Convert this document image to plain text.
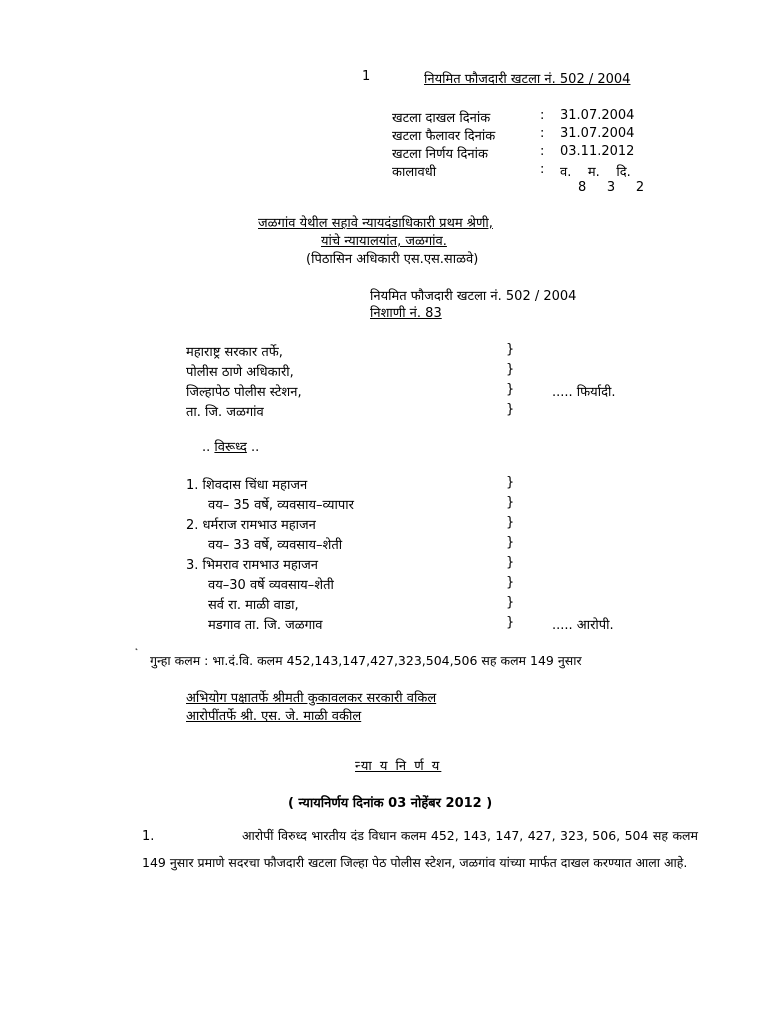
1	नियमित फौजदारी खटला नं. 502 / 2004
खटला दाखल दिनांक	: 31.07.2004
खटला फैलावर दिनांक	: 31.07.2004
खटला निर्णय दिनांक	: 03.11.2012
कालावधी	: व.    म.    दि.
8     3     2
जळगांव येथील सहावे न्यायदंडाधिकारी प्रथम श्रेणी,
यांचे न्यायालयांत, जळगांव.
(पिठासिन अधिकारी एस.एस.साळवे)
नियमित फौजदारी खटला नं. 502 / 2004
निशाणी नं. 83
महाराष्ट्र सरकार तर्फे,
पोलीस ठाणे अधिकारी,
जिल्हापेठ पोलीस स्टेशन,
ता. जि. जळगांव
}
}
}
}
..... फिर्यादी.
.. विरूध्द ..
1. शिवदास चिंधा महाजन
वय– 35 वर्षे, व्यवसाय–व्यापार
2. धर्मराज रामभाउ महाजन
वय– 33 वर्षे, व्यवसाय–शेती
3. भिमराव रामभाउ महाजन
वय–30 वर्षे व्यवसाय–शेती
सर्व रा. माळी वाडा,
मडगाव ता. जि. जळगाव
}
}
}
}
}
}
}
}	..... आरोपी.
˛
गुन्हा कलम : भा.दं.वि. कलम 452,143,147,427,323,504,506 सह कलम 149 नुसार
अभियोग पक्षातर्फे श्रीमती कुकावलकर सरकारी वकिल
आरोपींतर्फे श्री. एस. जे. माळी वकील
न्या य नि र्ण य
( न्यायनिर्णय दिनांक 03 नोहेंबर 2012 )
1.	आरोपीं विरुध्द भारतीय दंड विधान कलम 452, 143, 147, 427, 323, 506, 504 सह कलम 149 नुसार प्रमाणे सदरचा फौजदारी खटला जिल्हा पेठ पोलीस स्टेशन, जळगांव यांच्या मार्फत दाखल करण्यात आला आहे.
